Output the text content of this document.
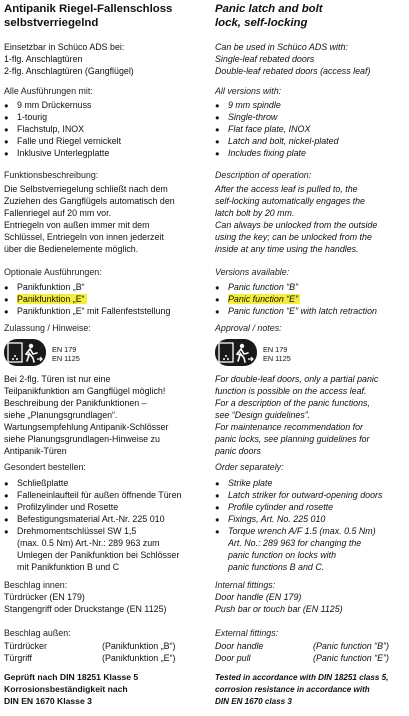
Antipanik Riegel-Fallenschloss
selbstverriegelnd
Einsetzbar in Schüco ADS bei:
1-flg. Anschlagtüren
2-flg. Anschlagtüren (Gangflügel)
Alle Ausführungen mit:
● 9 mm Drückernuss
● 1-tourig
● Flachstulp, INOX
● Falle und Riegel vernickelt
● Inklusive Unterlegplatte
Funktionsbeschreibung:
Die Selbstverriegelung schließt nach dem
Zuziehen des Gangflügels automatisch den
Fallenriegel auf 20 mm vor.
Entriegeln von außen immer mit dem
Schlüssel, Entriegeln von innen jederzeit
über die Bedienelemente möglich.
Optionale Ausführungen:
● Panikfunktion „B“
● Panikfunktion „E“
● Panikfunktion „E“ mit Fallenfeststellung
Zulassung / Hinweise:
EN 179
EN 1125
Bei 2-flg. Türen ist nur eine
Teilpanikfunktion am Gangflügel möglich!
Beschreibung der Panikfunktionen –
siehe „Planungsgrundlagen“.
Wartungsempfehlung Antipanik-Schlösser
siehe Planungsgrundlagen-Hinweise zu
Antipanik-Türen
Gesondert bestellen:
● Schließplatte
● Falleneinlaufteil für außen öffnende Türen
● Profilzylinder und Rosette
● Befestigungsmaterial Art.-Nr. 225 010
● Drehmomentschlüssel SW 1,5
(max. 0.5 Nm) Art.-Nr.: 289 963 zum
Umlegen der Panikfunktion bei Schlösser
mit Panikfunktion B und C
Beschlag innen:
Türdrücker (EN 179)
Stangengriff oder Druckstange (EN 1125)
Beschlag außen:
Türdrücker	(Panikfunktion „B“)
Türgriff	(Panikfunktion „E“)
Geprüft nach DIN 18251 Klasse 5
Korrosionsbeständigkeit nach
DIN EN 1670 Klasse 3
Panic latch and bolt
lock, self-locking
Can be used in Schüco ADS with:
Single-leaf rebated doors
Double-leaf rebated doors (access leaf)
All versions with:
● 9 mm spindle
● Single-throw
● Flat face plate, INOX
● Latch and bolt, nickel-plated
● Includes fixing plate
Description of operation:
After the access leaf is pulled to, the
self-locking automatically engages the
latch bolt by 20 mm.
Can always be unlocked from the outside
using the key; can be unlocked from the
inside at any time using the handles.
Versions available:
● Panic function “B”
● Panic function “E”
● Panic function “E” with latch retraction
Approval / notes:
EN 179
EN 1125
For double-leaf doors, only a partial panic
function is possible on the access leaf.
For a description of the panic functions,
see “Design guidelines”.
For maintenance recommendation for
panic locks, see planning guidelines for
panic doors
Order separately:
● Strike plate
● Latch striker for outward-opening doors
● Profile cylinder and rosette
● Fixings, Art. No. 225 010
● Torque wrench A/F 1.5 (max. 0.5 Nm)
Art. No.: 289 963 for changing the
panic function on locks with
panic functions B and C.
Internal fittings:
Door handle (EN 179)
Push bar or touch bar (EN 1125)
External fittings:
Door handle	(Panic function “B”)
Door pull	(Panic function “E”)
Tested in accordance with DIN 18251 class 5,
corrosion resistance in accordance with
DIN EN 1670 class 3
